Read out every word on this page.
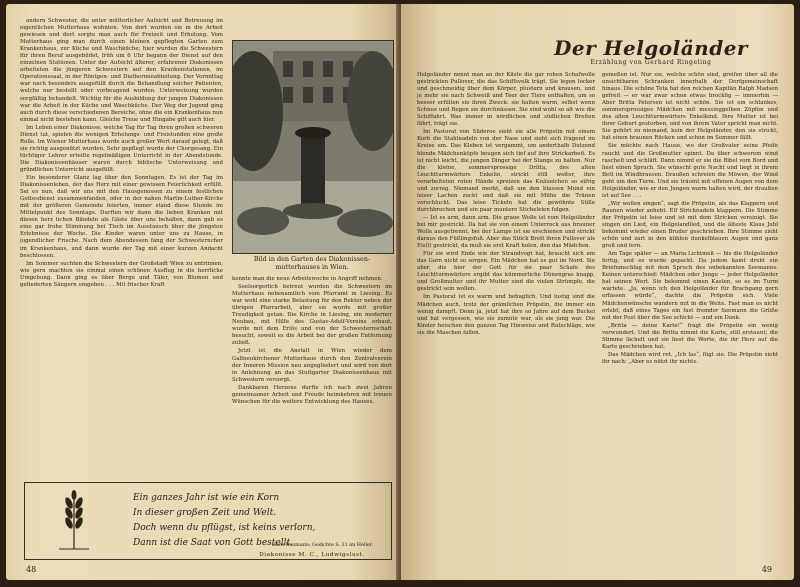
andern Schwester, die unter mütterlicher Aufsicht und Betreuung im eigentlichen Mutterhaus wohnten. Von dort wurden sie in die Arbeit gewiesen und dort sorgte man auch für Freizeit und Erholung. Vom Mutterhaus ging man durch einen kleinen gepflegten Garten zum Krankenhaus, zur Küche und Waschküche; hier wurden die Schwestern für ihren Beruf ausgebildet, früh um 6 Uhr begann der Dienst auf den einzelnen Stationen. Unter der Aufsicht älterer, erfahrener Diakonissen arbeiteten die jüngeren Schwestern auf den Krankenstationen, im Operationssaal, in der Röntgen- und Diathermieabteilung. Der Vormittag war nach besonders ausgefüllt durch die Behandlung solcher Patienten, welche nur bestellt oder vorbeugend wurden. Unterweisung wurden sorgfältig behandelt. Wichtig für die Ausbildung der jungen Diakonissen war die Arbeit in der Küche und Waschküche. Der Weg der Jugend ging auch durch diese verschiedenen Bereiche, ohne die ein Krankenhaus nun einmal nicht bestehen kann. Gleiche Treue und Hingabe gilt auch hier.

Im Leben einer Diakonisse, welche Tag für Tag ihren großen schweren Dienst tut, spielen die wenigen Erholungs- und Freistunden eine große Rolle. Im Wiener Mutterhaus wurde auch großer Wert darauf gelegt, daß sie richtig ausgenützt wurden. Sehr gepflegt wurde der Chorgesang. Ein tüchtiger Lehrer erteilte regelmäßigen Unterricht in der Abendstunde. Die Diakonissenhäuser waren durch biblische Unterweisung und gründlichen Unterricht ausgefüllt.

Ein besonderer Glanz lag über den Sonntagen. Es ist der Tag im Diakonissenleben, der das Herz mit einer gewissen Feierlichkeit erfüllt. Sei es nun, daß wir uns mit den Hausgenossen zu einem festlichen Gottesdienst zusammenfanden, oder in der nahen Martin-Luther-Kirche mit der größeren Gemeinde feierten, immer stand diese Stunde im Mittelpunkt des Sonntags. Durften wir dann die lieben Kranken mit diesen herz lichen Bändeln als Gäste über uns behalten, dann gab es eine gar frohe Stimmung bei Tisch im Ausstausch über die jüngsten Erlebnisse der Woche. Die Kinder waren unter uns zu Hause, in jugendlicher Frische. Nach dem Abendessen fang der Schwesternchor im Krankenhaus, und dann wurde der Tag mit einer kurzen Andacht beschlossen.

Im Sommer suchten die Schwestern der Großstadt Wien zu entrinnen, wie gern machten sie einmal einen schönen Ausflug in die herrliche Umgebung. Dann ging es über Berge und Täler, von Blumen und gefiederten Sängern umgeben . . . Mit frischer Kraft

Bild in den Garten des Diakonissen-mutterhauses in Wien.

konnte man die neue Arbeitswoche in Angriff nehmen.

Seelsorgerlich betreut wurden die Schwestern im Mutterhaus nebenamtlich vom Pfarramt in Liesing. Es war wohl eine starke Belastung für den Rektor neben der übrigen Pfarrarbeit, aber sie wurde mit großer Treudigkeit getan. Die Kirche in Liesing, ein moderner Neubau, mit Hilfe des Gustav-Adolf-Vereins erbaut, wurde mit dem Erlös und von der Schwesternschaft besucht, soweit es die Arbeit bei der großen Entfernung zuließ.

Jetzt ist die Anstalt in Wien wieder dem Gallneukirchener Mutterhaus durch den Zentralverein der Inneren Mission neu angegliedert und wird von dort in Anlehnung an das Stuttgarter Diakonissenhaus mit Schwestern versorgt.

Dankbaren Herzens durfte ich nach zwei Jahren gemeinsamer Arbeit und Freude heimkehren mit treuen Wünschen für die weitere Entwicklung des Hauses.

Diakonisse M. C., Ludwigslust.
Ein ganzes Jahr ist wie ein Korn
In dieser großen Zeit und Welt.
Doch wenn du pflügst, ist keins verlorn,
Dann ist die Saat von Gott bestellt.
Hans Baumann: Gedichte S. 31 im Heller.
48
Der Helgoländer
Erzählung von Gerhard Ringeling

Helgoländer nennt man an der Küste die gar rohen Schafwolle gestrickten Pullover, die das Schiffsvolk trägt. Sie legen locker und geschmeidig über dem Körper, plustern und krausen, und je mehr sie nach Schweiß und Teer der Tiere enthalten, um so besser erfüllen sie ihren Zweck: sie halten warm, selbst wenn Schnee und Regen sie durchnässen. Sie sind wohl so alt wie die Schiffahrt. Was immer in nördlichen und südlichen Breiten fährt, trägt sie.

Im Pastorat von Süderoe sieht sie alle Pröpstin mit einem Korb die Stahlnadeln von der Nase und sieht sich fragend im Kreise um. Das Kleben ist vergammt, um anderthalb Dutzend blonde Mädchenköpfe beugen sich tief auf ihre Strickarbeit. Es ist nicht leicht, die jungen Dinger bei der Stange zu halten. Nur die kleine, sommersprossige Dritta, des alten Leuchtturmwärters Enkelin, strickt still weiter, ihre verarbeiteten roten Hände spreizen das Knäuelchen so eifrig und zornig. Niemand merkt, daß um den blassen Mund ein leiser Lachen zuckt und daß sie mit Mühe die Tränen verschluckt. Das leise Tickeln hat die gewöhnte Stille durchbrochen und ein paar muntere Sticheleien folgen.

— Ist es arm, dann arm. Die graue Wolle ist vom Helgoländer bei mir gestrickt. Da hat sie von einem Unterrock aus brauner Wolle ausgetrennt, bei der Lampe ist sie erschienen und strickt daraus den Füßlingsfuß. Aber das Stück Brett ihren Pullover als Eis(l) gestrickt, da muß sie erst Kraft holen, den das Mädchen.

Für sie wird Ende wie der Strandvogt hat, braucht sich um das Garn nicht so sorgen. Ein Mädchen hat es gut im Nord. Sie aber, die hier der Gott für sie paar Schafe des Leuchtturmwärters ergibt das kümmerliche Dünengras knapp, und Großmutter und ihr Mutter sind die vielen Strümpfe, die gestrickt sein wollen.

Im Pastorat ist es warm und behaglich. Und lustig sind die Mädchen auch, trotz der grämlichen Pröpstin, die immer ein wenig dampft. Denn ja, jetzt hat ihre so Jahre auf dem Buckel und hat vergessen, wie sie zumute war, als sie jung war. Die Kinder heischen den ganzen Tag Hinweise und Ratschläge, wie sie die Maschen fallen.

gemeßen ist. Nur sie, welche schön sind, greifen über all die unsichtbaren Schranken innerhalb der Dorfgemeinschaft hinaus. Die schöne Teta hat den reichen Kapitän Ralph Madsen gefreit — er war zwar schon etwas brocklig — immerhin — Aber Britta Petersen ist nicht schön. Sie ist ein schlankes, sommersprossiges Mädchen mit messinggelben Zöpfen und des alten Leuchtturmwärters Enkelkind. Ihre Mutter ist bei ihrer Geburt gestorben, und von ihrem Vater spricht man nicht. Sie gehört zu niemand, kein der Helgoländer, den sie strickt, hat einen braunen Rücken und schon im Sommer fällt.

Sie möchte nach Hause, wo der Großvater seine Pfeife raucht und die Großmutter spinnt. Da über schwerem wind raschelt und schläft. Dann nimmt er sie die Bibel vom Bord und liest einen Spruch. Sie wünscht gute Nacht und liegt in ihrem Bett im Windbrausen. Draußen schreien die Möwen, der Wind geht um den Turm. Und sie träumt mit offenen Augen von dem Helgoländer, wie er den Jungen warm halten wird, der draußen ist auf See . . .

„Wir wollen singen“, sagt die Pröpstin, als das Klappern und Raunen wieder anhebt. Elf Stricknadeln klappern. Die Stimme der Pröpstin ist leise und ist mit dem Stricken vereinigt. Sie singen ein Lied, ein Helgolandlied, und die älteste Klaus Juhl bekommt wieder einen Bruder geschrieben. Ihre Stimme zieht schön und zart in den kühlen dunkelblauen Augen und ganz groß und fern.

Am Tage später — an Maria Lichtmeß — bis die Helgoländer fertig, und es wurde gepackt. Da jedem kamt dreht ein Briefumschlag mit dem Spruch des unbekannten Seemanns. Keinen unterschied: Mädchen oder Junge — jeder Helgoländer hat seinen Wert. Sie bekommt einen Kasten, so es im Turm wartete. „Ja, wenn ich den Helgoländer für Brachgang gern erfassen würde“, dachte die Pröpstin sich. Viele Mädchenwünsche wandern mit in die Weite. Fast man es nicht erlebt, daß eines Tages ein fast fremder Seemann die Grüße mit der Post über die See schickt — und ein Dank.

„Britta — deine Karte!“ fragt die Pröpstin ein wenig verwundert. Und die Britta nimmt die Karte, still erstaunt; die Stimme lächelt und sie liest die Worte, die ihr Herz auf die Karte geschrieben hat.

Das Mädchen wird rot. „Ich las“, fügt sie. Die Pröpstin sieht ihr nach: „Aber es nützt ihr nichts.

49
